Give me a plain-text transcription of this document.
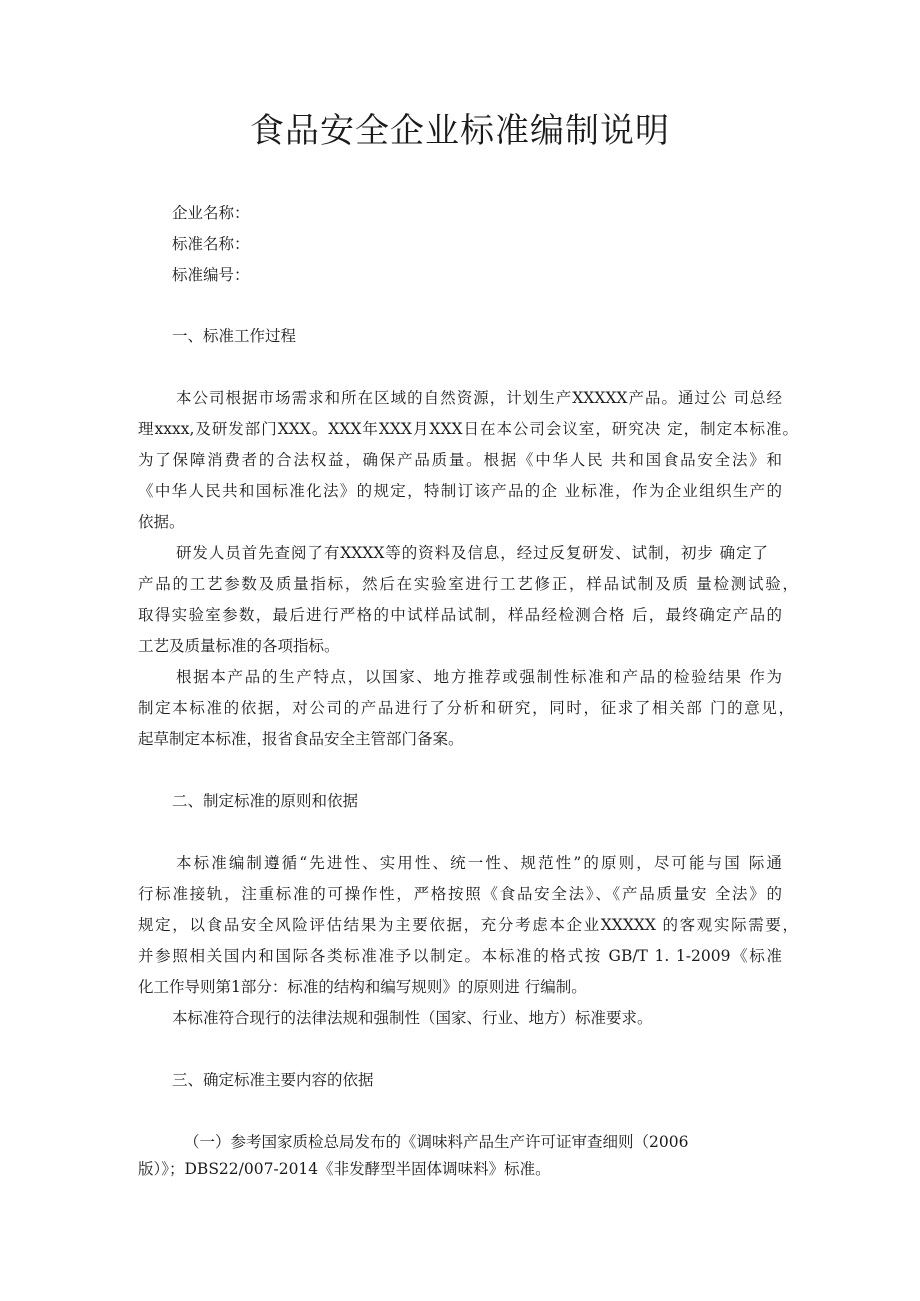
食品安全企业标准编制说明
企业名称：
标准名称：
标准编号：
一、标准工作过程
本公司根据市场需求和所在区域的自然资源，计划生产XXXXX产品。通过公 司总经
理xxxx,及研发部门XXX。XXX年XXX月XXX日在本公司会议室，研究决 定，制定本标准。
为了保障消费者的合法权益，确保产品质量。根据《中华人民 共和国食品安全法》和
《中华人民共和国标准化法》的规定，特制订该产品的企 业标准，作为企业组织生产的
依据。
研发人员首先查阅了有XXXX等的资料及信息，经过反复研发、试制，初步 确定了
产品的工艺参数及质量指标，然后在实验室进行工艺修正，样品试制及质 量检测试验，
取得实验室参数，最后进行严格的中试样品试制，样品经检测合格 后，最终确定产品的
工艺及质量标准的各项指标。
根据本产品的生产特点，以国家、地方推荐或强制性标准和产品的检验结果 作为
制定本标准的依据，对公司的产品进行了分析和研究，同时，征求了相关部 门的意见，
起草制定本标准，报省食品安全主管部门备案。
二、制定标准的原则和依据
本标准编制遵循“先进性、实用性、统一性、规范性”的原则，尽可能与国 际通
行标准接轨，注重标准的可操作性，严格按照《食品安全法》、《产品质量安 全法》的
规定，以食品安全风险评估结果为主要依据，充分考虑本企业XXXXX 的客观实际需要，
并参照相关国内和国际各类标准准予以制定。本标准的格式按 GB/T 1. 1-2009《标准
化工作导则第1部分：标准的结构和编写规则》的原则进 行编制。
本标准符合现行的法律法规和强制性（国家、行业、地方）标准要求。
三、确定标准主要内容的依据
（一）参考国家质检总局发布的《调味料产品生产许可证审查细则（2006
版）》；DBS22/007-2014《非发酵型半固体调味料》标准。
